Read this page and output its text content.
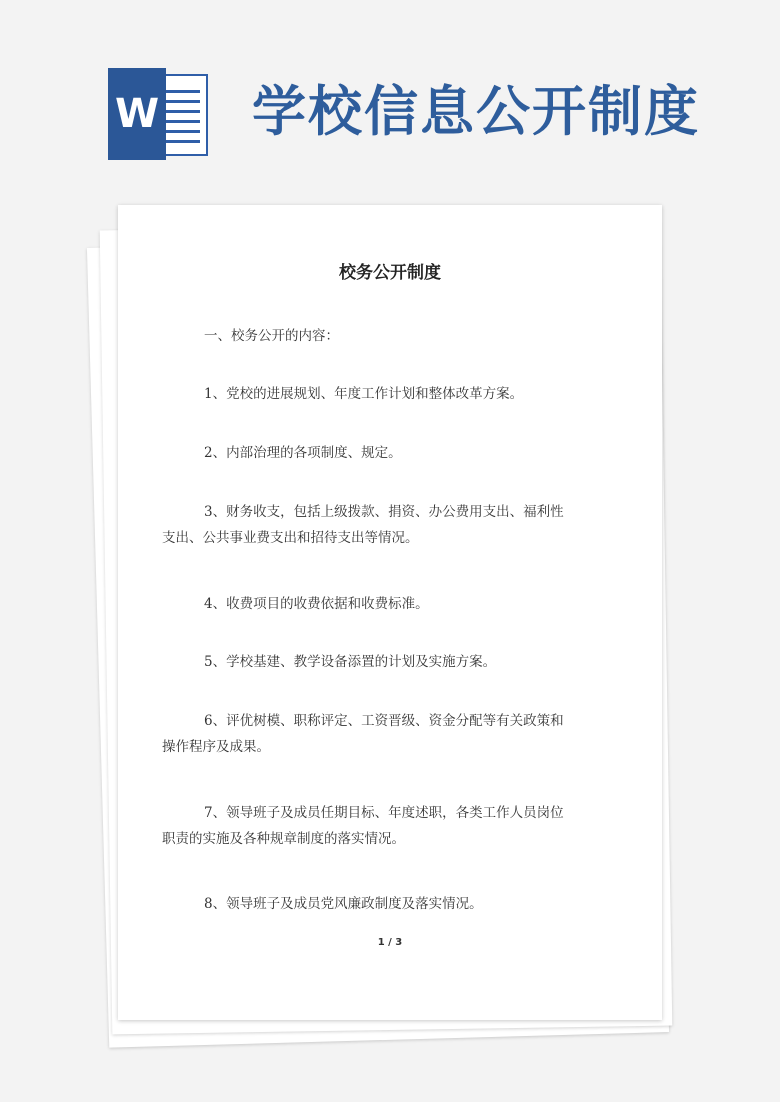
W 学校信息公开制度
校务公开制度

一、校务公开的内容：

1、党校的进展规划、年度工作计划和整体改革方案。

2、内部治理的各项制度、规定。

3、财务收支，包括上级拨款、捐资、办公费用支出、福利性
支出、公共事业费支出和招待支出等情况。

4、收费项目的收费依据和收费标准。

5、学校基建、教学设备添置的计划及实施方案。

6、评优树模、职称评定、工资晋级、资金分配等有关政策和
操作程序及成果。

7、领导班子及成员任期目标、年度述职，各类工作人员岗位
职责的实施及各种规章制度的落实情况。

8、领导班子及成员党风廉政制度及落实情况。

1 / 3
